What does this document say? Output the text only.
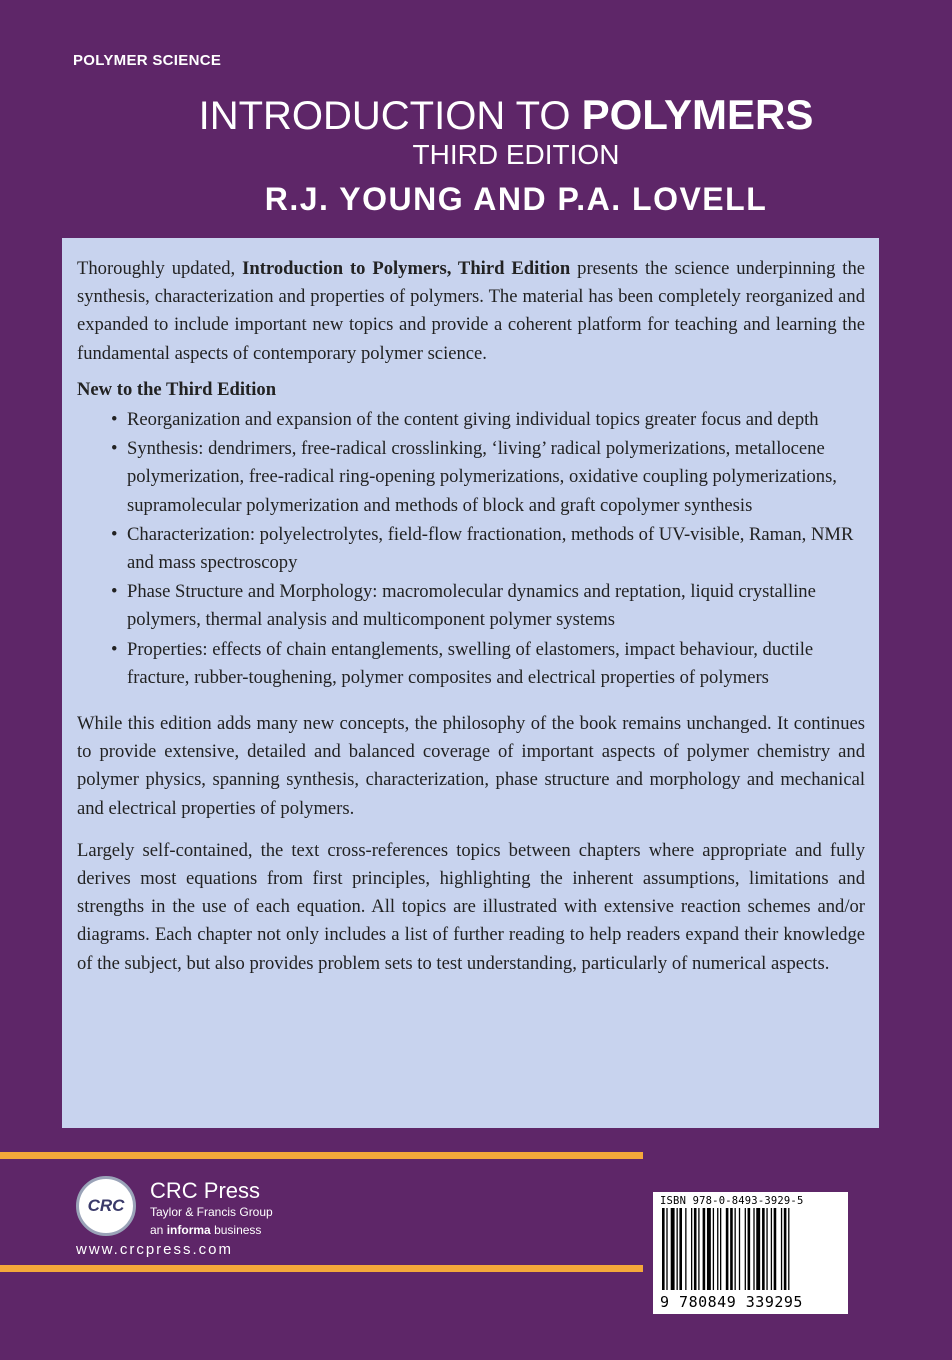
POLYMER SCIENCE
INTRODUCTION TO POLYMERS
THIRD EDITION
R.J. YOUNG AND P.A. LOVELL

Thoroughly updated, Introduction to Polymers, Third Edition presents the science underpinning the synthesis, characterization and properties of polymers. The material has been completely reorganized and expanded to include important new topics and provide a coherent platform for teaching and learning the fundamental aspects of contemporary polymer science.

New to the Third Edition
• Reorganization and expansion of the content giving individual topics greater focus and depth
• Synthesis: dendrimers, free-radical crosslinking, ‘living’ radical polymerizations, metallocene polymerization, free-radical ring-opening polymerizations, oxidative coupling polymerizations, supramolecular polymerization and methods of block and graft copolymer synthesis
• Characterization: polyelectrolytes, field-flow fractionation, methods of UV-visible, Raman, NMR and mass spectroscopy
• Phase Structure and Morphology: macromolecular dynamics and reptation, liquid crystalline polymers, thermal analysis and multicomponent polymer systems
• Properties: effects of chain entanglements, swelling of elastomers, impact behaviour, ductile fracture, rubber-toughening, polymer composites and electrical properties of polymers

While this edition adds many new concepts, the philosophy of the book remains unchanged. It continues to provide extensive, detailed and balanced coverage of important aspects of polymer chemistry and polymer physics, spanning synthesis, characterization, phase structure and morphology and mechanical and electrical properties of polymers.

Largely self-contained, the text cross-references topics between chapters where appropriate and fully derives most equations from first principles, highlighting the inherent assumptions, limitations and strengths in the use of each equation. All topics are illustrated with extensive reaction schemes and/or diagrams. Each chapter not only includes a list of further reading to help readers expand their knowledge of the subject, but also provides problem sets to test understanding, particularly of numerical aspects.

CRC
CRC Press
Taylor & Francis Group
an informa business
www.crcpress.com
ISBN 978-0-8493-3929-5
9 780849 339295
